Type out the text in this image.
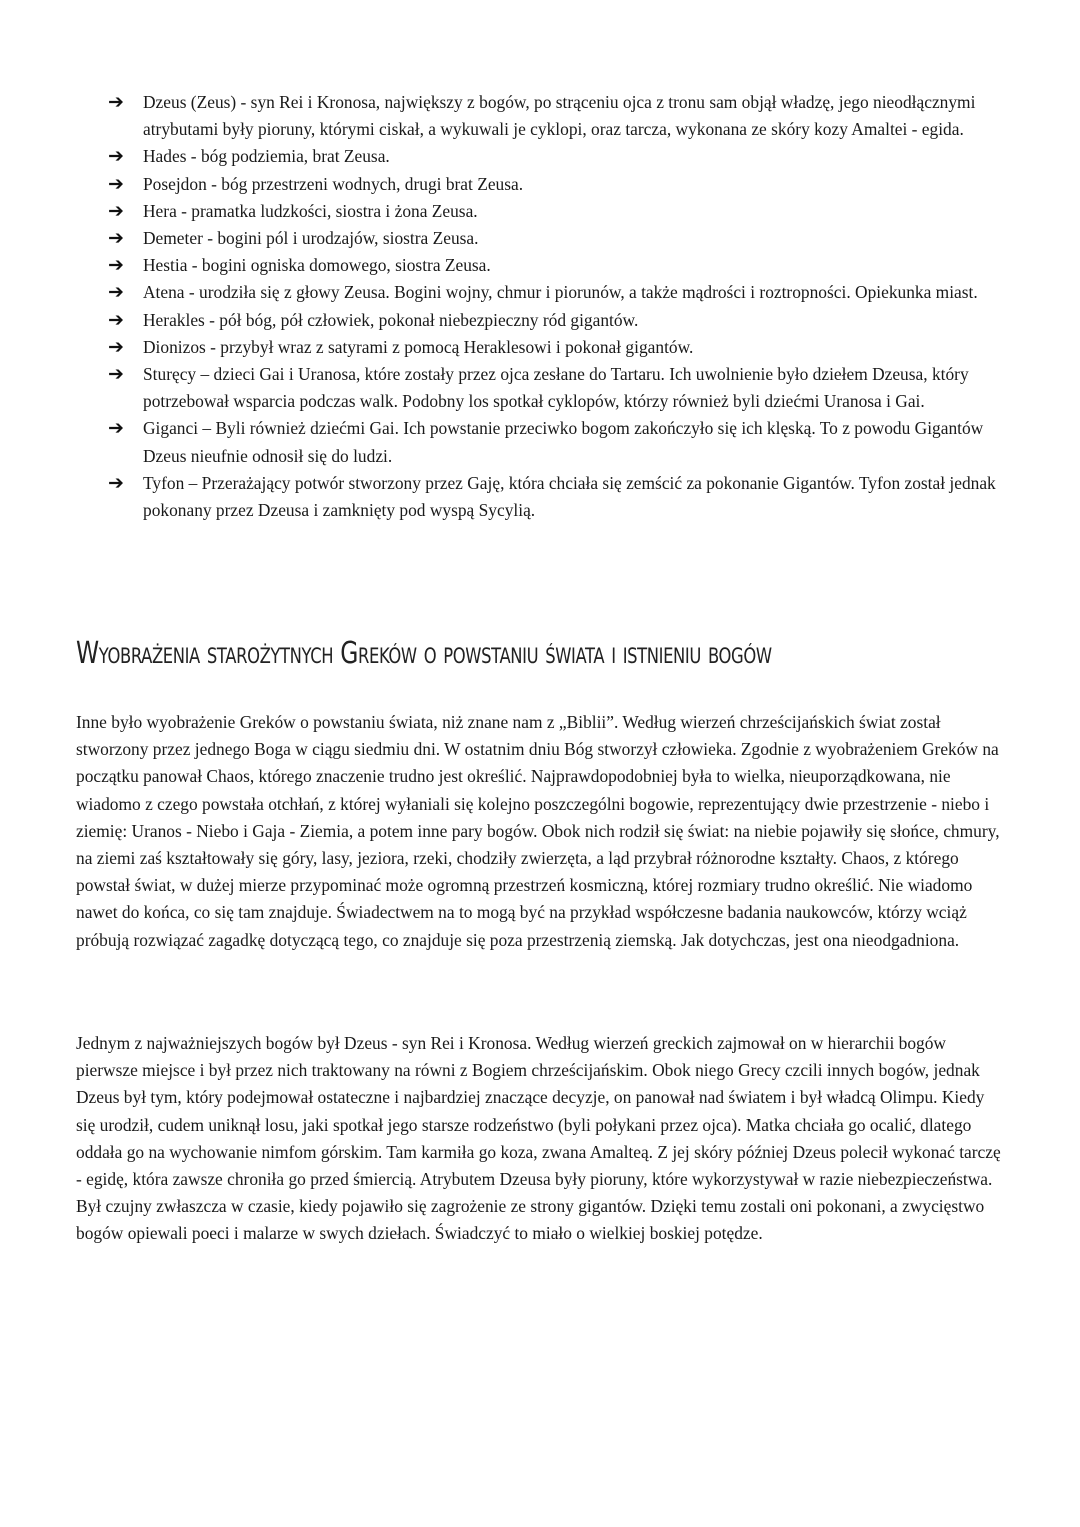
➔ Dzeus (Zeus) - syn Rei i Kronosa, największy z bogów, po strąceniu ojca z tronu sam objął władzę, jego nieodłącznymi atrybutami były pioruny, którymi ciskał, a wykuwali je cyklopi, oraz tarcza, wykonana ze skóry kozy Amaltei - egida.
➔ Hades - bóg podziemia, brat Zeusa.
➔ Posejdon - bóg przestrzeni wodnych, drugi brat Zeusa.
➔ Hera - pramatka ludzkości, siostra i żona Zeusa.
➔ Demeter - bogini pól i urodzajów, siostra Zeusa.
➔ Hestia - bogini ogniska domowego, siostra Zeusa.
➔ Atena - urodziła się z głowy Zeusa. Bogini wojny, chmur i piorunów, a także mądrości i roztropności. Opiekunka miast.
➔ Herakles - pół bóg, pół człowiek, pokonał niebezpieczny ród gigantów.
➔ Dionizos - przybył wraz z satyrami z pomocą Heraklesowi i pokonał gigantów.
➔ Sturęcy – dzieci Gai i Uranosa, które zostały przez ojca zesłane do Tartaru. Ich uwolnienie było dziełem Dzeusa, który potrzebował wsparcia podczas walk. Podobny los spotkał cyklopów, którzy również byli dziećmi Uranosa i Gai.
➔ Giganci – Byli również dziećmi Gai. Ich powstanie przeciwko bogom zakończyło się ich klęską. To z powodu Gigantów Dzeus nieufnie odnosił się do ludzi.
➔ Tyfon – Przerażający potwór stworzony przez Gaję, która chciała się zemścić za pokonanie Gigantów. Tyfon został jednak pokonany przez Dzeusa i zamknięty pod wyspą Sycylią.
Wyobrażenia starożytnych Greków o powstaniu świata i istnieniu bogów

Inne było wyobrażenie Greków o powstaniu świata, niż znane nam z „Biblii”. Według wierzeń chrześcijańskich świat został stworzony przez jednego Boga w ciągu siedmiu dni. W ostatnim dniu Bóg stworzył człowieka. Zgodnie z wyobrażeniem Greków na początku panował Chaos, którego znaczenie trudno jest określić. Najprawdopodobniej była to wielka, nieuporządkowana, nie wiadomo z czego powstała otchłań, z której wyłaniali się kolejno poszczególni bogowie, reprezentujący dwie przestrzenie - niebo i ziemię: Uranos - Niebo i Gaja - Ziemia, a potem inne pary bogów. Obok nich rodził się świat: na niebie pojawiły się słońce, chmury, na ziemi zaś kształtowały się góry, lasy, jeziora, rzeki, chodziły zwierzęta, a ląd przybrał różnorodne kształty. Chaos, z którego powstał świat, w dużej mierze przypominać może ogromną przestrzeń kosmiczną, której rozmiary trudno określić. Nie wiadomo nawet do końca, co się tam znajduje. Świadectwem na to mogą być na przykład współczesne badania naukowców, którzy wciąż próbują rozwiązać zagadkę dotyczącą tego, co znajduje się poza przestrzenią ziemską. Jak dotychczas, jest ona nieodgadniona.

Jednym z najważniejszych bogów był Dzeus - syn Rei i Kronosa. Według wierzeń greckich zajmował on w hierarchii bogów pierwsze miejsce i był przez nich traktowany na równi z Bogiem chrześcijańskim. Obok niego Grecy czcili innych bogów, jednak Dzeus był tym, który podejmował ostateczne i najbardziej znaczące decyzje, on panował nad światem i był władcą Olimpu. Kiedy się urodził, cudem uniknął losu, jaki spotkał jego starsze rodzeństwo (byli połykani przez ojca). Matka chciała go ocalić, dlatego oddała go na wychowanie nimfom górskim. Tam karmiła go koza, zwana Amalteą. Z jej skóry później Dzeus polecił wykonać tarczę - egidę, która zawsze chroniła go przed śmiercią. Atrybutem Dzeusa były pioruny, które wykorzystywał w razie niebezpieczeństwa. Był czujny zwłaszcza w czasie, kiedy pojawiło się zagrożenie ze strony gigantów. Dzięki temu zostali oni pokonani, a zwycięstwo bogów opiewali poeci i malarze w swych dziełach. Świadczyć to miało o wielkiej boskiej potędze.
